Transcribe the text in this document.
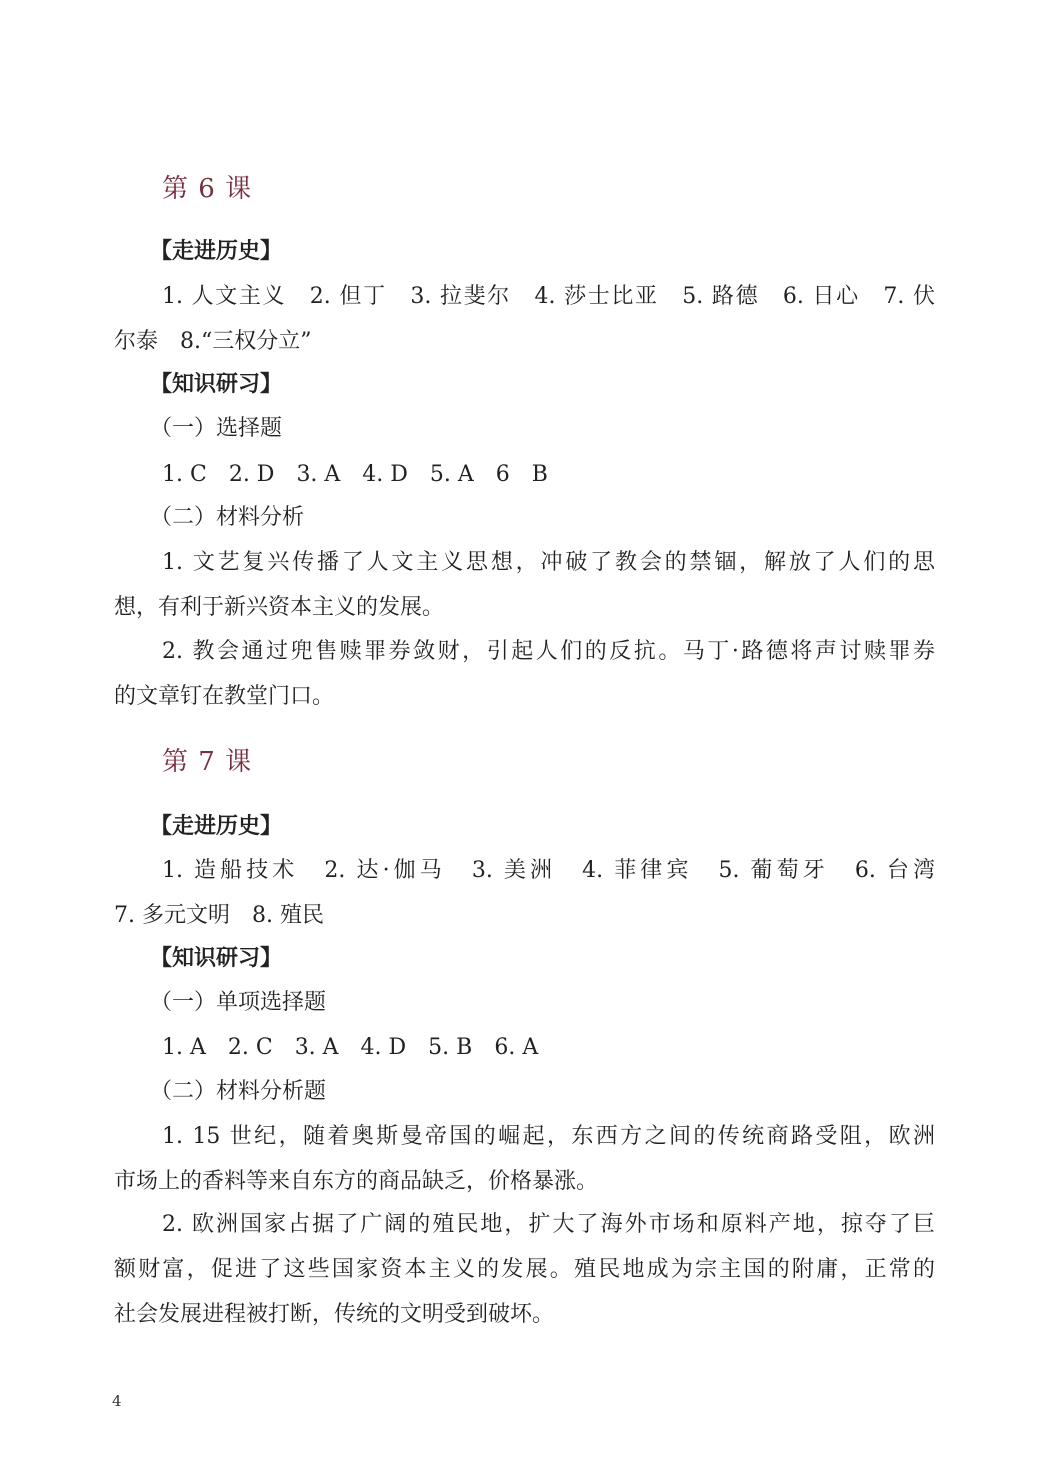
第 6 课
【走进历史】
1. 人文主义　2. 但丁　3. 拉斐尔　4. 莎士比亚　5. 路德　6. 日心　7. 伏
尔泰　8.“三权分立”
【知识研习】
（一）选择题
1. C　2. D　3. A　4. D　5. A　6　B
（二）材料分析
1. 文艺复兴传播了人文主义思想，冲破了教会的禁锢，解放了人们的思
想，有利于新兴资本主义的发展。
2. 教会通过兜售赎罪券敛财，引起人们的反抗。马丁·路德将声讨赎罪券
的文章钉在教堂门口。
第 7 课
【走进历史】
1. 造船技术　2. 达·伽马　3. 美洲　4. 菲律宾　5. 葡萄牙　6. 台湾
7. 多元文明　8. 殖民
【知识研习】
（一）单项选择题
1. A　2. C　3. A　4. D　5. B　6. A
（二）材料分析题
1. 15 世纪，随着奥斯曼帝国的崛起，东西方之间的传统商路受阻，欧洲
市场上的香料等来自东方的商品缺乏，价格暴涨。
2. 欧洲国家占据了广阔的殖民地，扩大了海外市场和原料产地，掠夺了巨
额财富，促进了这些国家资本主义的发展。殖民地成为宗主国的附庸，正常的
社会发展进程被打断，传统的文明受到破坏。
4
